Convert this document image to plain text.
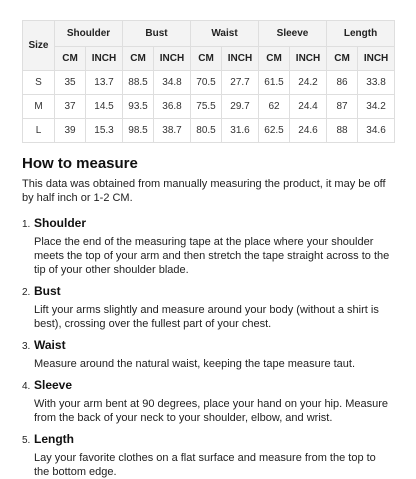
Size	Shoulder		Bust		Waist		Sleeve		Length	
	CM	INCH	CM	INCH	CM	INCH	CM	INCH	CM	INCH
S	35	13.7	88.5	34.8	70.5	27.7	61.5	24.2	86	33.8
M	37	14.5	93.5	36.8	75.5	29.7	62	24.4	87	34.2
L	39	15.3	98.5	38.7	80.5	31.6	62.5	24.6	88	34.6
How to measure

This data was obtained from manually measuring the product, it may be off by half inch or 1-2 CM.

1. Shoulder

Place the end of the measuring tape at the place where your shoulder meets the top of your arm and then stretch the tape straight across to the tip of your other shoulder blade.

2. Bust

Lift your arms slightly and measure around your body (without a shirt is best), crossing over the fullest part of your chest.

3. Waist

Measure around the natural waist, keeping the tape measure taut.

4. Sleeve

With your arm bent at 90 degrees, place your hand on your hip. Measure from the back of your neck to your shoulder, elbow, and wrist.

5. Length

Lay your favorite clothes on a flat surface and measure from the top to the bottom edge.
